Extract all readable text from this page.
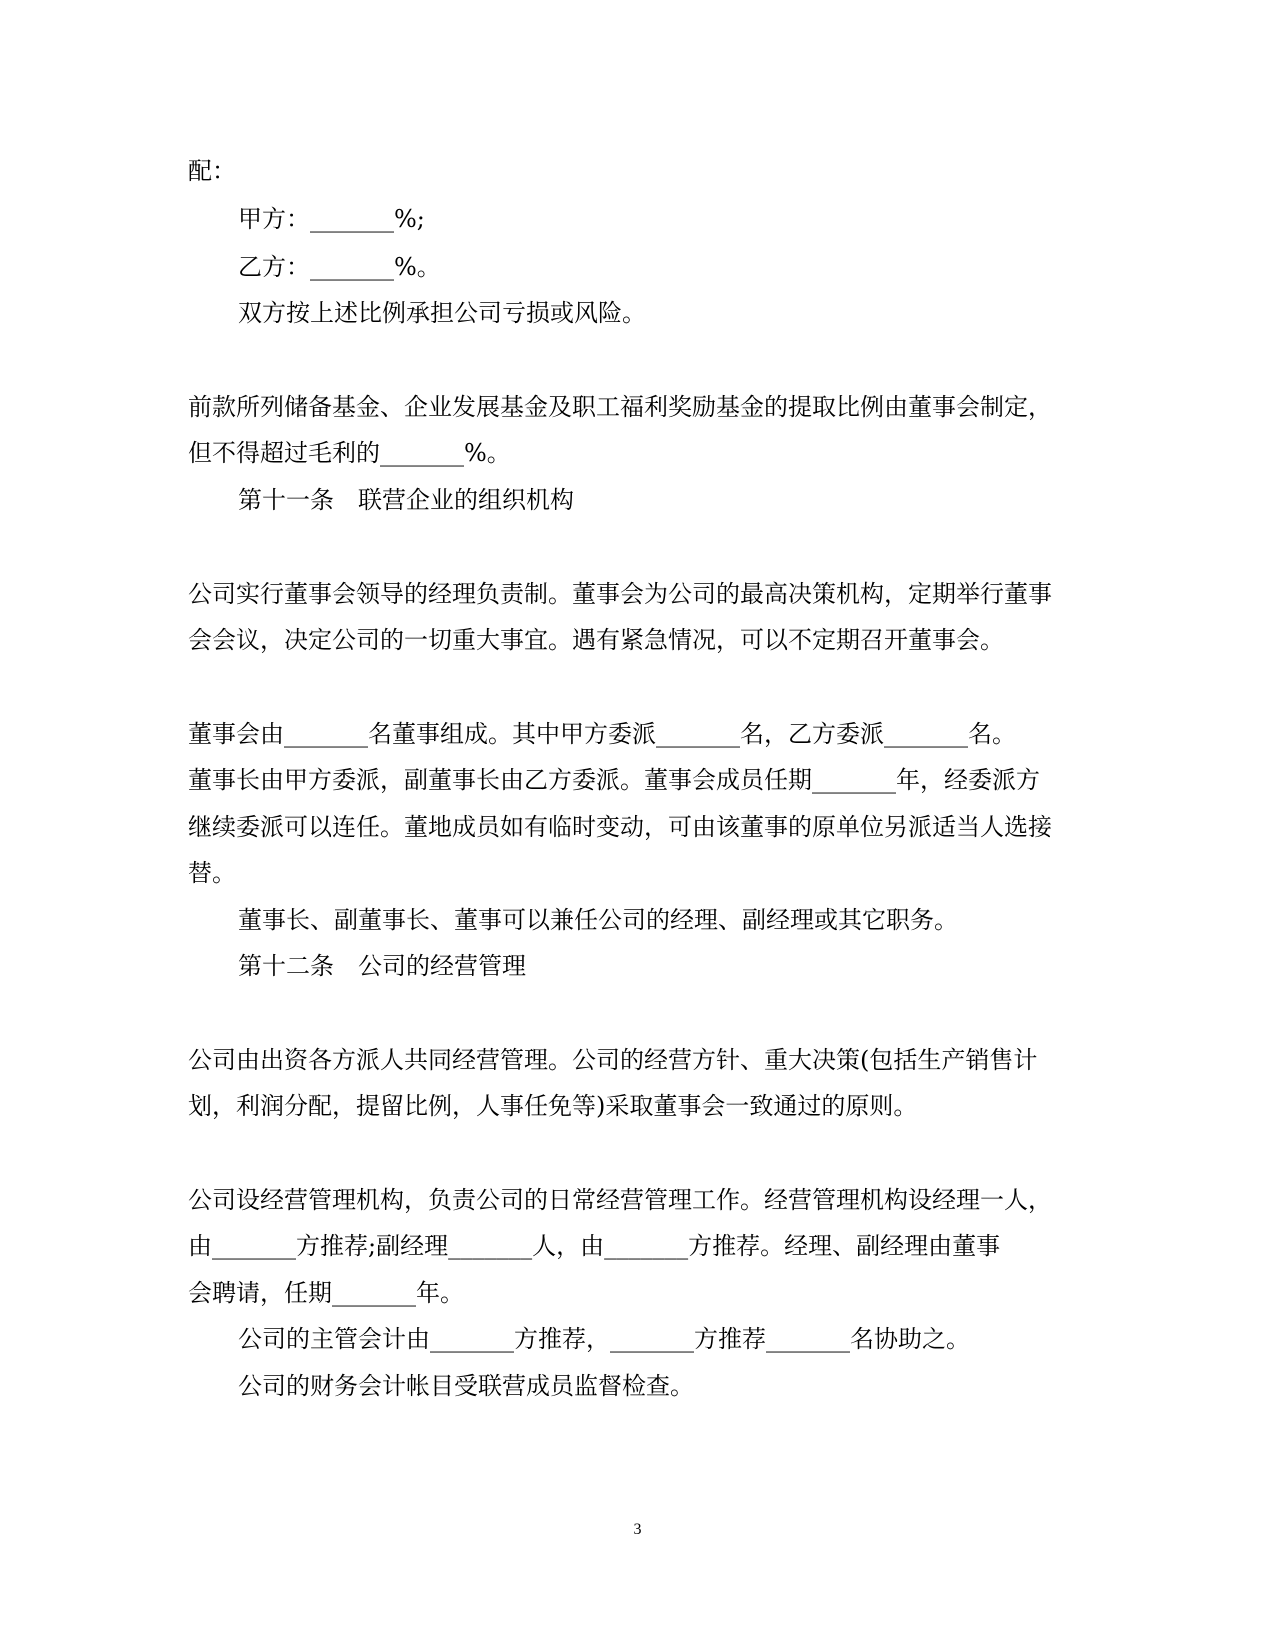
配：
甲方：_______%;
乙方：_______%。
双方按上述比例承担公司亏损或风险。
前款所列储备基金、企业发展基金及职工福利奖励基金的提取比例由董事会制定，
但不得超过毛利的_______%。
第十一条　联营企业的组织机构
公司实行董事会领导的经理负责制。董事会为公司的最高决策机构，定期举行董事
会会议，决定公司的一切重大事宜。遇有紧急情况，可以不定期召开董事会。
董事会由_______名董事组成。其中甲方委派_______名，乙方委派_______名。
董事长由甲方委派，副董事长由乙方委派。董事会成员任期_______年，经委派方
继续委派可以连任。董地成员如有临时变动，可由该董事的原单位另派适当人选接
替。
董事长、副董事长、董事可以兼任公司的经理、副经理或其它职务。
第十二条　公司的经营管理
公司由出资各方派人共同经营管理。公司的经营方针、重大决策(包括生产销售计
划，利润分配，提留比例，人事任免等)采取董事会一致通过的原则。
公司设经营管理机构，负责公司的日常经营管理工作。经营管理机构设经理一人，
由_______方推荐;副经理_______人，由_______方推荐。经理、副经理由董事
会聘请，任期_______年。
公司的主管会计由_______方推荐，_______方推荐_______名协助之。
公司的财务会计帐目受联营成员监督检查。
3
